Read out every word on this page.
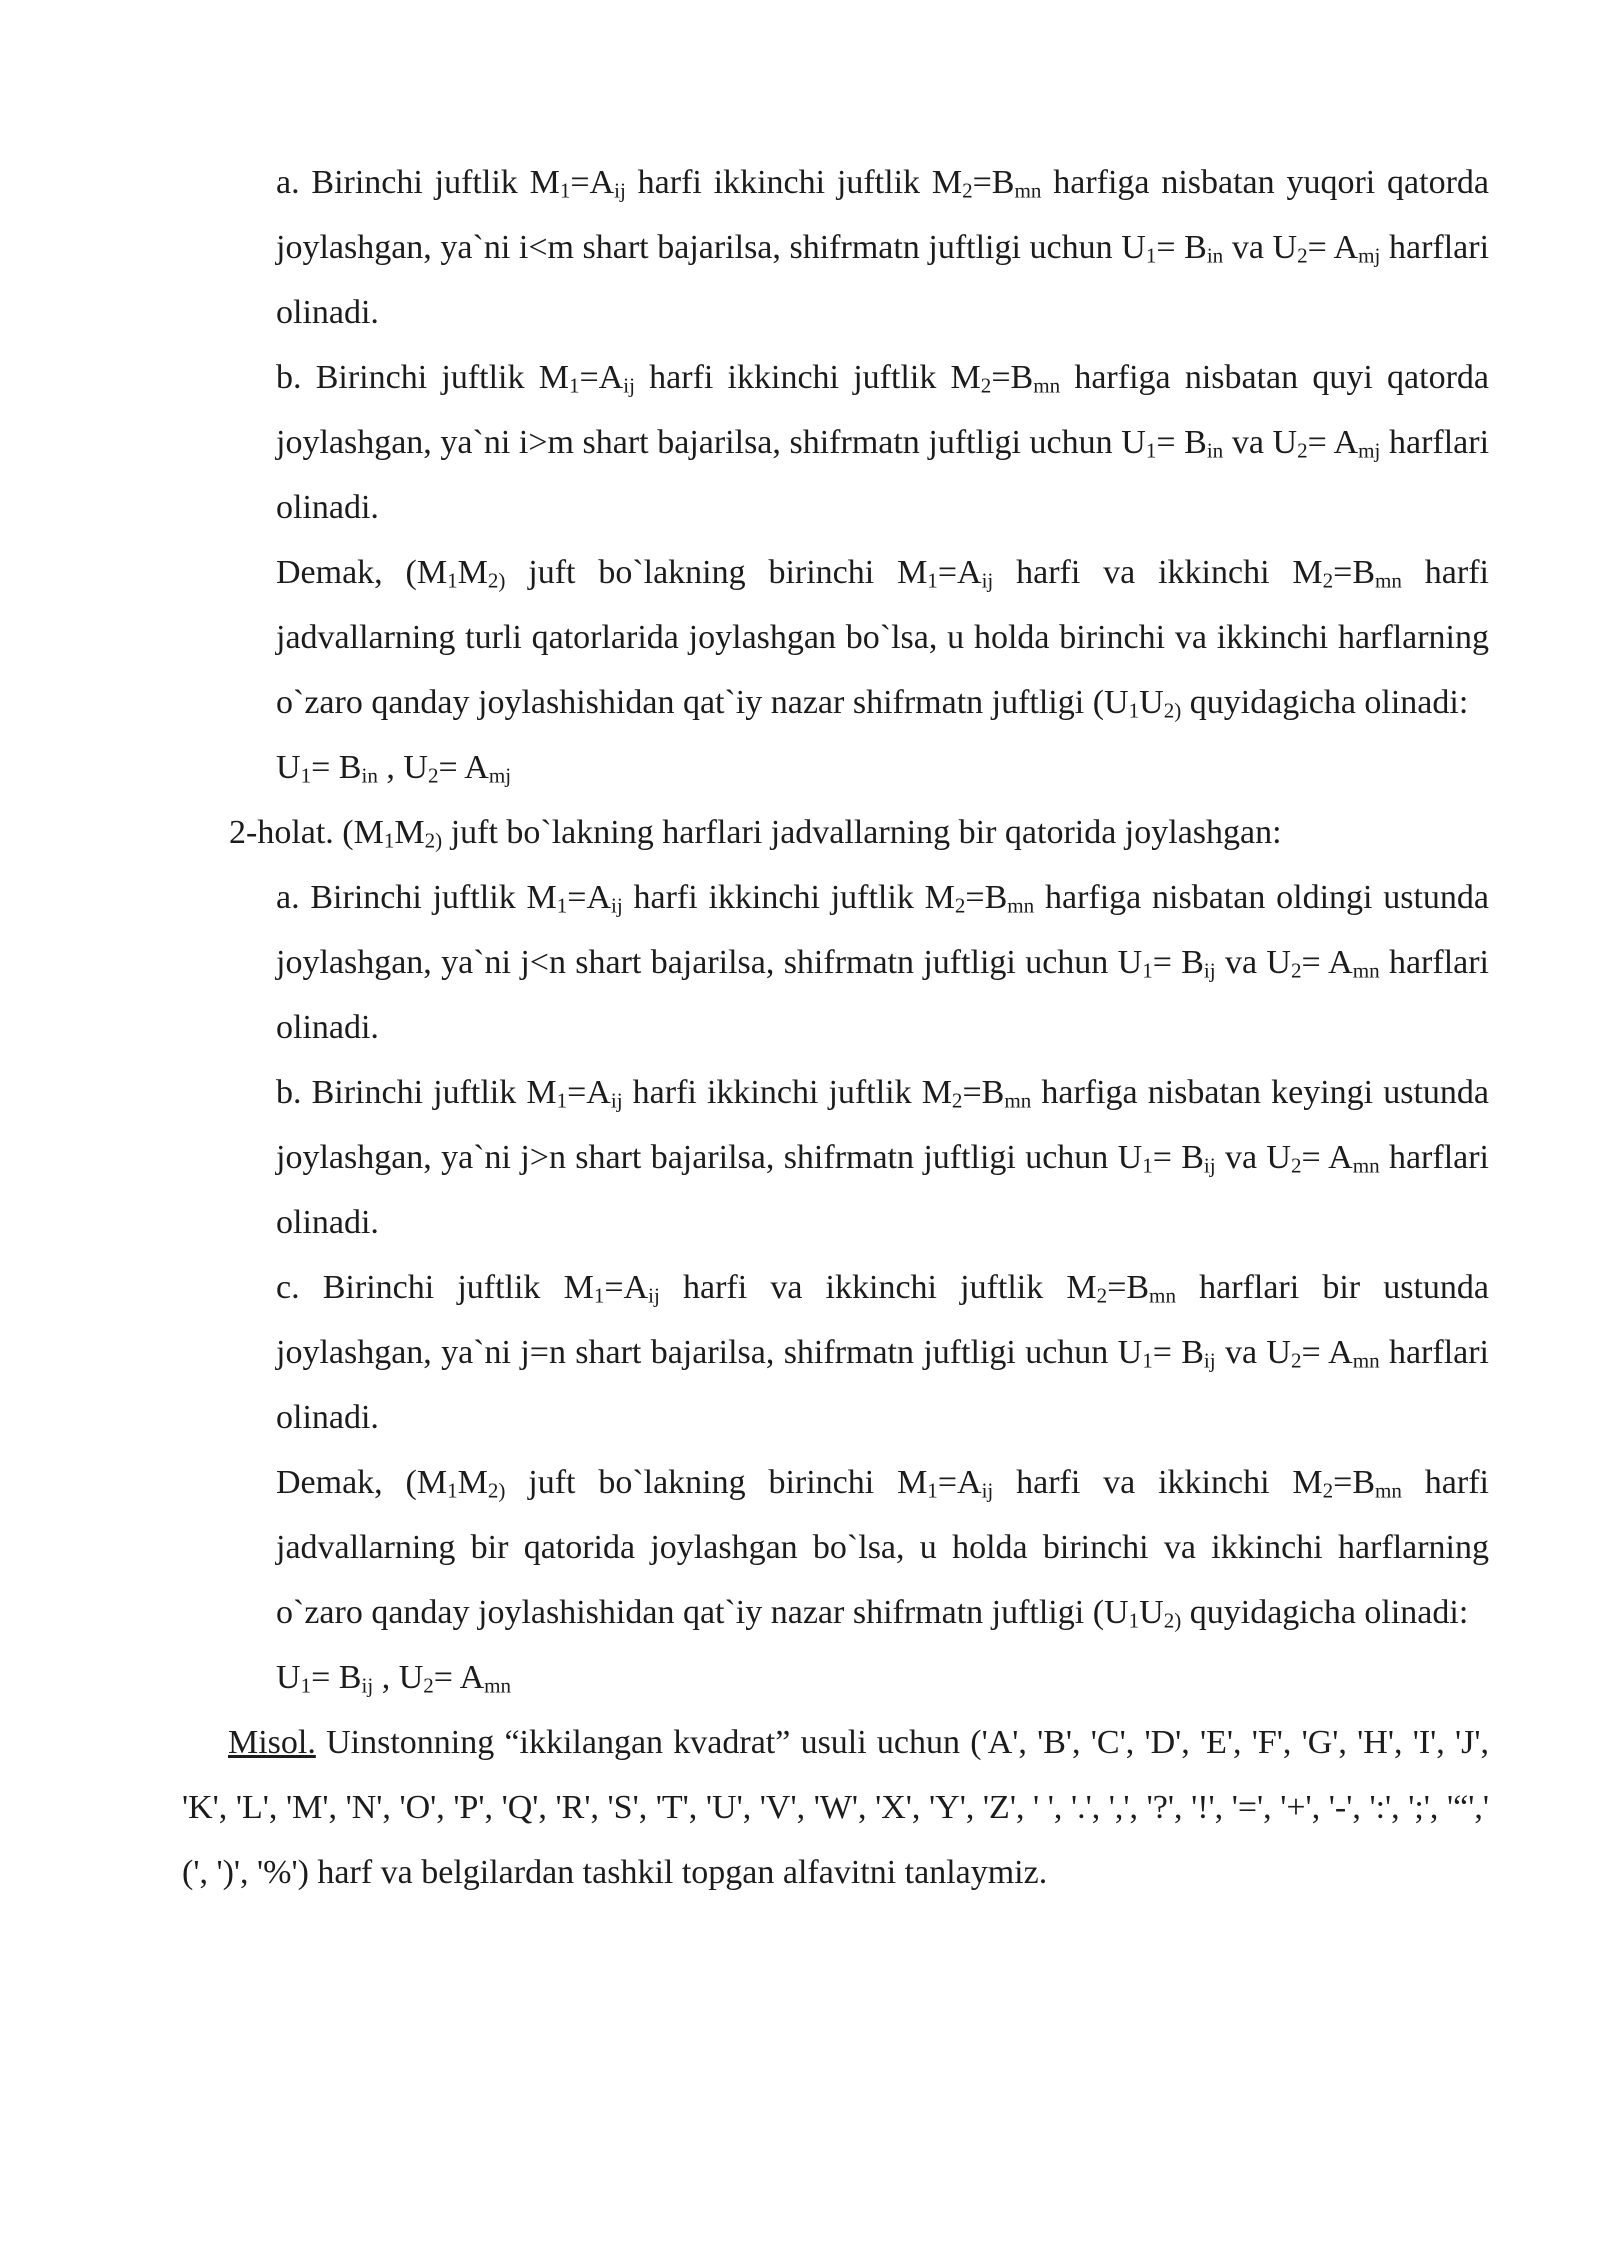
a. Birinchi juftlik $M_1=A_{ij}$ harfi ikkinchi juftlik $M_2=B_{mn}$ harfiga nisbatan yuqori qatorda joylashgan, ya`ni i<m shart bajarilsa, shifrmatn juftligi uchun $U_1= B_{in}$ va $U_2= A_{mj}$ harflari olinadi.

b. Birinchi juftlik $M_1=A_{ij}$ harfi ikkinchi juftlik $M_2=B_{mn}$ harfiga nisbatan quyi qatorda joylashgan, ya`ni i>m shart bajarilsa, shifrmatn juftligi uchun $U_1= B_{in}$ va $U_2= A_{mj}$ harflari olinadi.

Demak, ($M_1M_{2)}$ juft bo`lakning birinchi $M_1=A_{ij}$ harfi va ikkinchi $M_2=B_{mn}$ harfi jadvallarning turli qatorlarida joylashgan bo`lsa, u holda birinchi va ikkinchi harflarning o`zaro qanday joylashishidan qat`iy nazar shifrmatn juftligi ($U_1U_{2)}$ quyidagicha olinadi:

$U_1= B_{in}$ , $U_2= A_{mj}$

2-holat. ($M_1M_{2)}$ juft bo`lakning harflari jadvallarning bir qatorida joylashgan:

a. Birinchi juftlik $M_1=A_{ij}$ harfi ikkinchi juftlik $M_2=B_{mn}$ harfiga nisbatan oldingi ustunda joylashgan, ya`ni j<n shart bajarilsa, shifrmatn juftligi uchun $U_1= B_{ij}$ va $U_2= A_{mn}$ harflari olinadi.

b. Birinchi juftlik $M_1=A_{ij}$ harfi ikkinchi juftlik $M_2=B_{mn}$ harfiga nisbatan keyingi ustunda joylashgan, ya`ni j>n shart bajarilsa, shifrmatn juftligi uchun $U_1= B_{ij}$ va $U_2= A_{mn}$ harflari olinadi.

c. Birinchi juftlik $M_1=A_{ij}$ harfi va ikkinchi juftlik $M_2=B_{mn}$ harflari bir ustunda joylashgan, ya`ni j=n shart bajarilsa, shifrmatn juftligi uchun $U_1= B_{ij}$ va $U_2= A_{mn}$ harflari olinadi.

Demak, ($M_1M_{2)}$ juft bo`lakning birinchi $M_1=A_{ij}$ harfi va ikkinchi $M_2=B_{mn}$ harfi jadvallarning bir qatorida joylashgan bo`lsa, u holda birinchi va ikkinchi harflarning o`zaro qanday joylashishidan qat`iy nazar shifrmatn juftligi ($U_1U_{2)}$ quyidagicha olinadi:

$U_1= B_{ij}$ , $U_2= A_{mn}$

Misol. Uinstonning “ikkilangan kvadrat” usuli uchun ('A', 'B', 'C', 'D', 'E', 'F', 'G', 'H', 'I', 'J', 'K', 'L', 'M', 'N', 'O', 'P', 'Q', 'R', 'S', 'T', 'U', 'V', 'W', 'X', 'Y', 'Z', ' ', '.', ',', '?', '!', '=', '+', '-', ':', ';', '“',' (', ')', '%') harf va belgilardan tashkil topgan alfavitni tanlaymiz.
